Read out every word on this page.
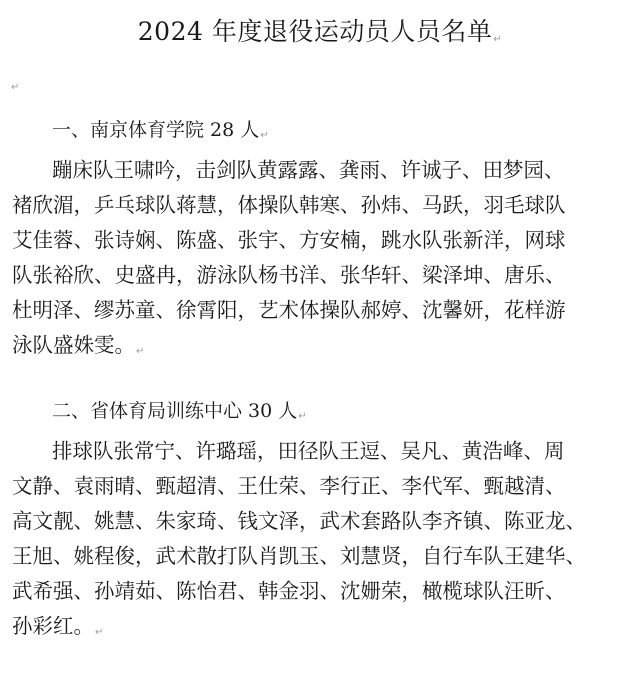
2024 年度退役运动员人员名单↵
↵
一、南京体育学院 28 人↵
蹦床队王啸吟，击剑队黄露露、龚雨、许诚子、田梦园、
褚欣湄，乒乓球队蒋慧，体操队韩寒、孙炜、马跃，羽毛球队
艾佳蓉、张诗娴、陈盛、张宇、方安楠，跳水队张新洋，网球
队张裕欣、史盛冉，游泳队杨书洋、张华轩、梁泽坤、唐乐、
杜明泽、缪苏童、徐霄阳，艺术体操队郝婷、沈馨妍，花样游
泳队盛姝雯。↵
二、省体育局训练中心 30 人↵
排球队张常宁、许璐瑶，田径队王逗、吴凡、黄浩峰、周
文静、袁雨晴、甄超清、王仕荣、李行正、李代军、甄越清、
高文靓、姚慧、朱家琦、钱文泽，武术套路队李齐镇、陈亚龙、
王旭、姚程俊，武术散打队肖凯玉、刘慧贤，自行车队王建华、
武希强、孙靖茹、陈怡君、韩金羽、沈姗荣，橄榄球队汪昕、
孙彩红。↵
